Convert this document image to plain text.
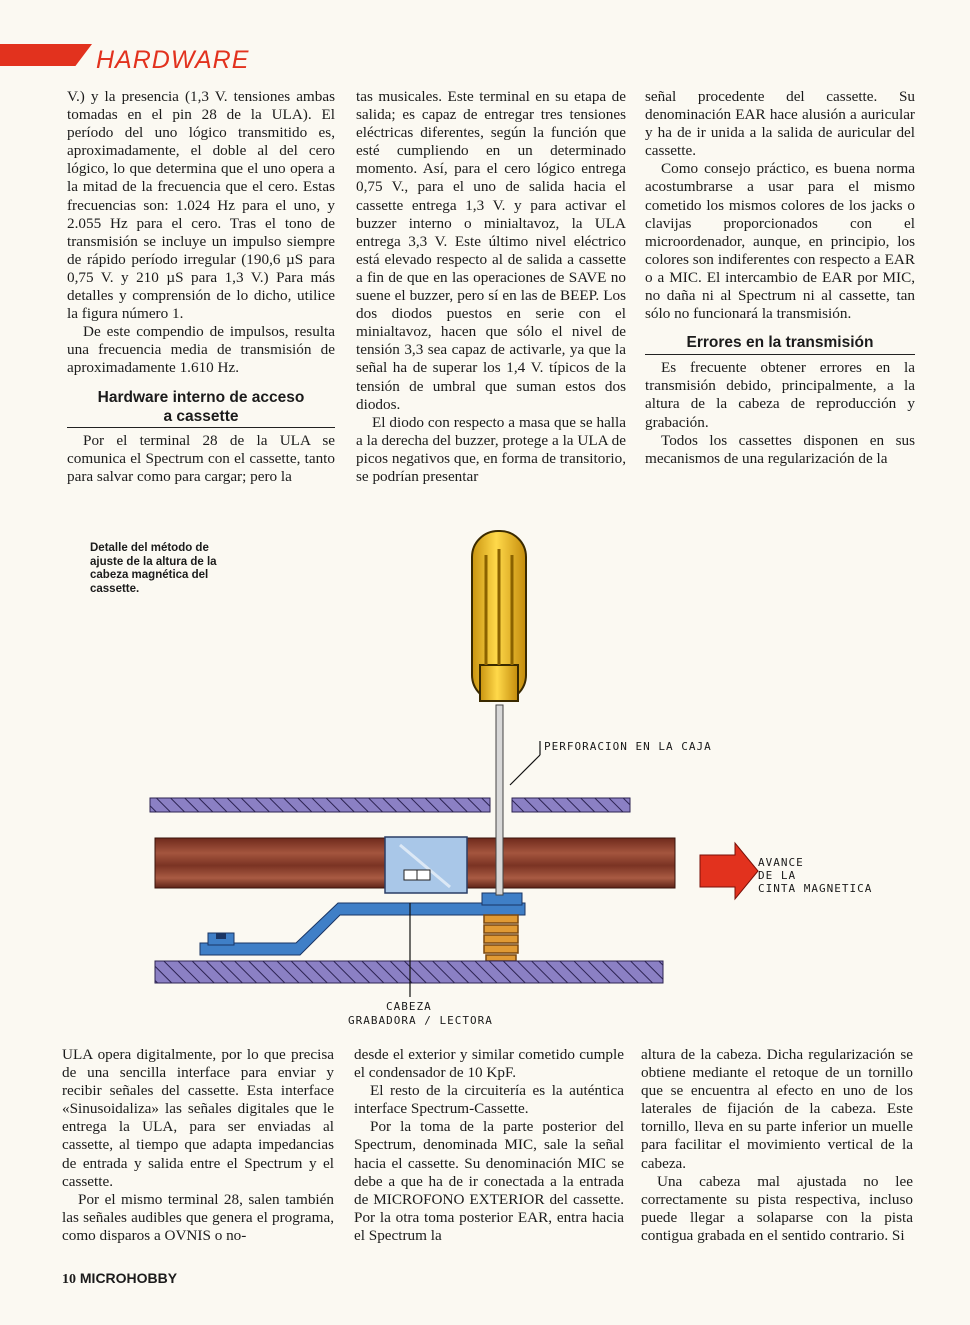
HARDWARE

V.) y la presencia (1,3 V. tensiones ambas tomadas en el pin 28 de la ULA). El período del uno lógico transmitido es, aproximadamente, el doble al del cero lógico, lo que determina que el uno opera a la mitad de la frecuencia que el cero. Estas frecuencias son: 1.024 Hz para el uno, y 2.055 Hz para el cero. Tras el tono de transmisión se incluye un impulso siempre de rápido período irregular (190,6 µS para 0,75 V. y 210 µS para 1,3 V.) Para más detalles y comprensión de lo dicho, utilice la figura número 1.

De este compendio de impulsos, resulta una frecuencia media de transmisión de aproximadamente 1.610 Hz.

Hardware interno de acceso
a cassette

Por el terminal 28 de la ULA se comunica el Spectrum con el cassette, tanto para salvar como para cargar; pero la

tas musicales. Este terminal en su etapa de salida; es capaz de entregar tres tensiones eléctricas diferentes, según la función que esté cumpliendo en un determinado momento. Así, para el cero lógico entrega 0,75 V., para el uno de salida hacia el cassette entrega 1,3 V. y para activar el buzzer interno o minialtavoz, la ULA entrega 3,3 V. Este último nivel eléctrico está elevado respecto al de salida a cassette a fin de que en las operaciones de SAVE no suene el buzzer, pero sí en las de BEEP. Los dos diodos puestos en serie con el minialtavoz, hacen que sólo el nivel de tensión 3,3 sea capaz de activarle, ya que la señal ha de superar los 1,4 V. típicos de la tensión de umbral que suman estos dos diodos.

El diodo con respecto a masa que se halla a la derecha del buzzer, protege a la ULA de picos negativos que, en forma de transitorio, se podrían presentar

señal procedente del cassette. Su denominación EAR hace alusión a auricular y ha de ir unida a la salida de auricular del cassette.

Como consejo práctico, es buena norma acostumbrarse a usar para el mismo cometido los mismos colores de los jacks o clavijas proporcionados con el microordenador, aunque, en principio, los colores son indiferentes con respecto a EAR o a MIC. El intercambio de EAR por MIC, no daña ni al Spectrum ni al cassette, tan sólo no funcionará la transmisión.

Errores en la transmisión

Es frecuente obtener errores en la transmisión debido, principalmente, a la altura de la cabeza de reproducción y grabación.

Todos los cassettes disponen en sus mecanismos de una regularización de la

Detalle del método de ajuste de la altura de la cabeza magnética del cassette.
PERFORACION EN LA CAJA
AVANCE
DE LA
CINTA MAGNETICA
CABEZA
GRABADORA / LECTORA

ULA opera digitalmente, por lo que precisa de una sencilla interface para enviar y recibir señales del cassette. Esta interface «Sinusoidaliza» las señales digitales que le entrega la ULA, para ser enviadas al cassette, al tiempo que adapta impedancias de entrada y salida entre el Spectrum y el cassette.

Por el mismo terminal 28, salen también las señales audibles que genera el programa, como disparos a OVNIS o no-

desde el exterior y similar cometido cumple el condensador de 10 KpF.

El resto de la circuitería es la auténtica interface Spectrum-Cassette.

Por la toma de la parte posterior del Spectrum, denominada MIC, sale la señal hacia el cassette. Su denominación MIC se debe a que ha de ir conectada a la entrada de MICROFONO EXTERIOR del cassette. Por la otra toma posterior EAR, entra hacia el Spectrum la

altura de la cabeza. Dicha regularización se obtiene mediante el retoque de un tornillo que se encuentra al efecto en uno de los laterales de fijación de la cabeza. Este tornillo, lleva en su parte inferior un muelle para facilitar el movimiento vertical de la cabeza.

Una cabeza mal ajustada no lee correctamente su pista respectiva, incluso puede llegar a solaparse con la pista contigua grabada en el sentido contrario. Si

10 MICROHOBBY
